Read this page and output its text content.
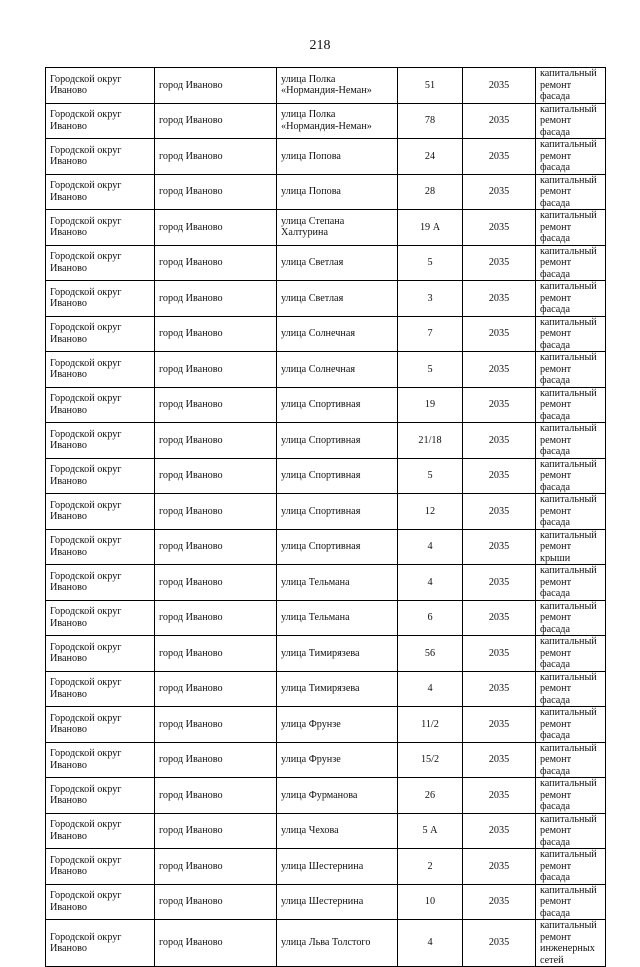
218
Городской округ Иваново	город Иваново	улица Полка «Нормандия-Неман»	51	2035	капитальный ремонт фасада
Городской округ Иваново	город Иваново	улица Полка «Нормандия-Неман»	78	2035	капитальный ремонт фасада
Городской округ Иваново	город Иваново	улица Попова	24	2035	капитальный ремонт фасада
Городской округ Иваново	город Иваново	улица Попова	28	2035	капитальный ремонт фасада
Городской округ Иваново	город Иваново	улица Степана Халтурина	19 А	2035	капитальный ремонт фасада
Городской округ Иваново	город Иваново	улица Светлая	5	2035	капитальный ремонт фасада
Городской округ Иваново	город Иваново	улица Светлая	3	2035	капитальный ремонт фасада
Городской округ Иваново	город Иваново	улица Солнечная	7	2035	капитальный ремонт фасада
Городской округ Иваново	город Иваново	улица Солнечная	5	2035	капитальный ремонт фасада
Городской округ Иваново	город Иваново	улица Спортивная	19	2035	капитальный ремонт фасада
Городской округ Иваново	город Иваново	улица Спортивная	21/18	2035	капитальный ремонт фасада
Городской округ Иваново	город Иваново	улица Спортивная	5	2035	капитальный ремонт фасада
Городской округ Иваново	город Иваново	улица Спортивная	12	2035	капитальный ремонт фасада
Городской округ Иваново	город Иваново	улица Спортивная	4	2035	капитальный ремонт крыши
Городской округ Иваново	город Иваново	улица Тельмана	4	2035	капитальный ремонт фасада
Городской округ Иваново	город Иваново	улица Тельмана	6	2035	капитальный ремонт фасада
Городской округ Иваново	город Иваново	улица Тимирязева	56	2035	капитальный ремонт фасада
Городской округ Иваново	город Иваново	улица Тимирязева	4	2035	капитальный ремонт фасада
Городской округ Иваново	город Иваново	улица Фрунзе	11/2	2035	капитальный ремонт фасада
Городской округ Иваново	город Иваново	улица Фрунзе	15/2	2035	капитальный ремонт фасада
Городской округ Иваново	город Иваново	улица Фурманова	26	2035	капитальный ремонт фасада
Городской округ Иваново	город Иваново	улица Чехова	5 А	2035	капитальный ремонт фасада
Городской округ Иваново	город Иваново	улица Шестернина	2	2035	капитальный ремонт фасада
Городской округ Иваново	город Иваново	улица Шестернина	10	2035	капитальный ремонт фасада
Городской округ Иваново	город Иваново	улица Льва Толстого	4	2035	капитальный ремонт инженерных сетей
